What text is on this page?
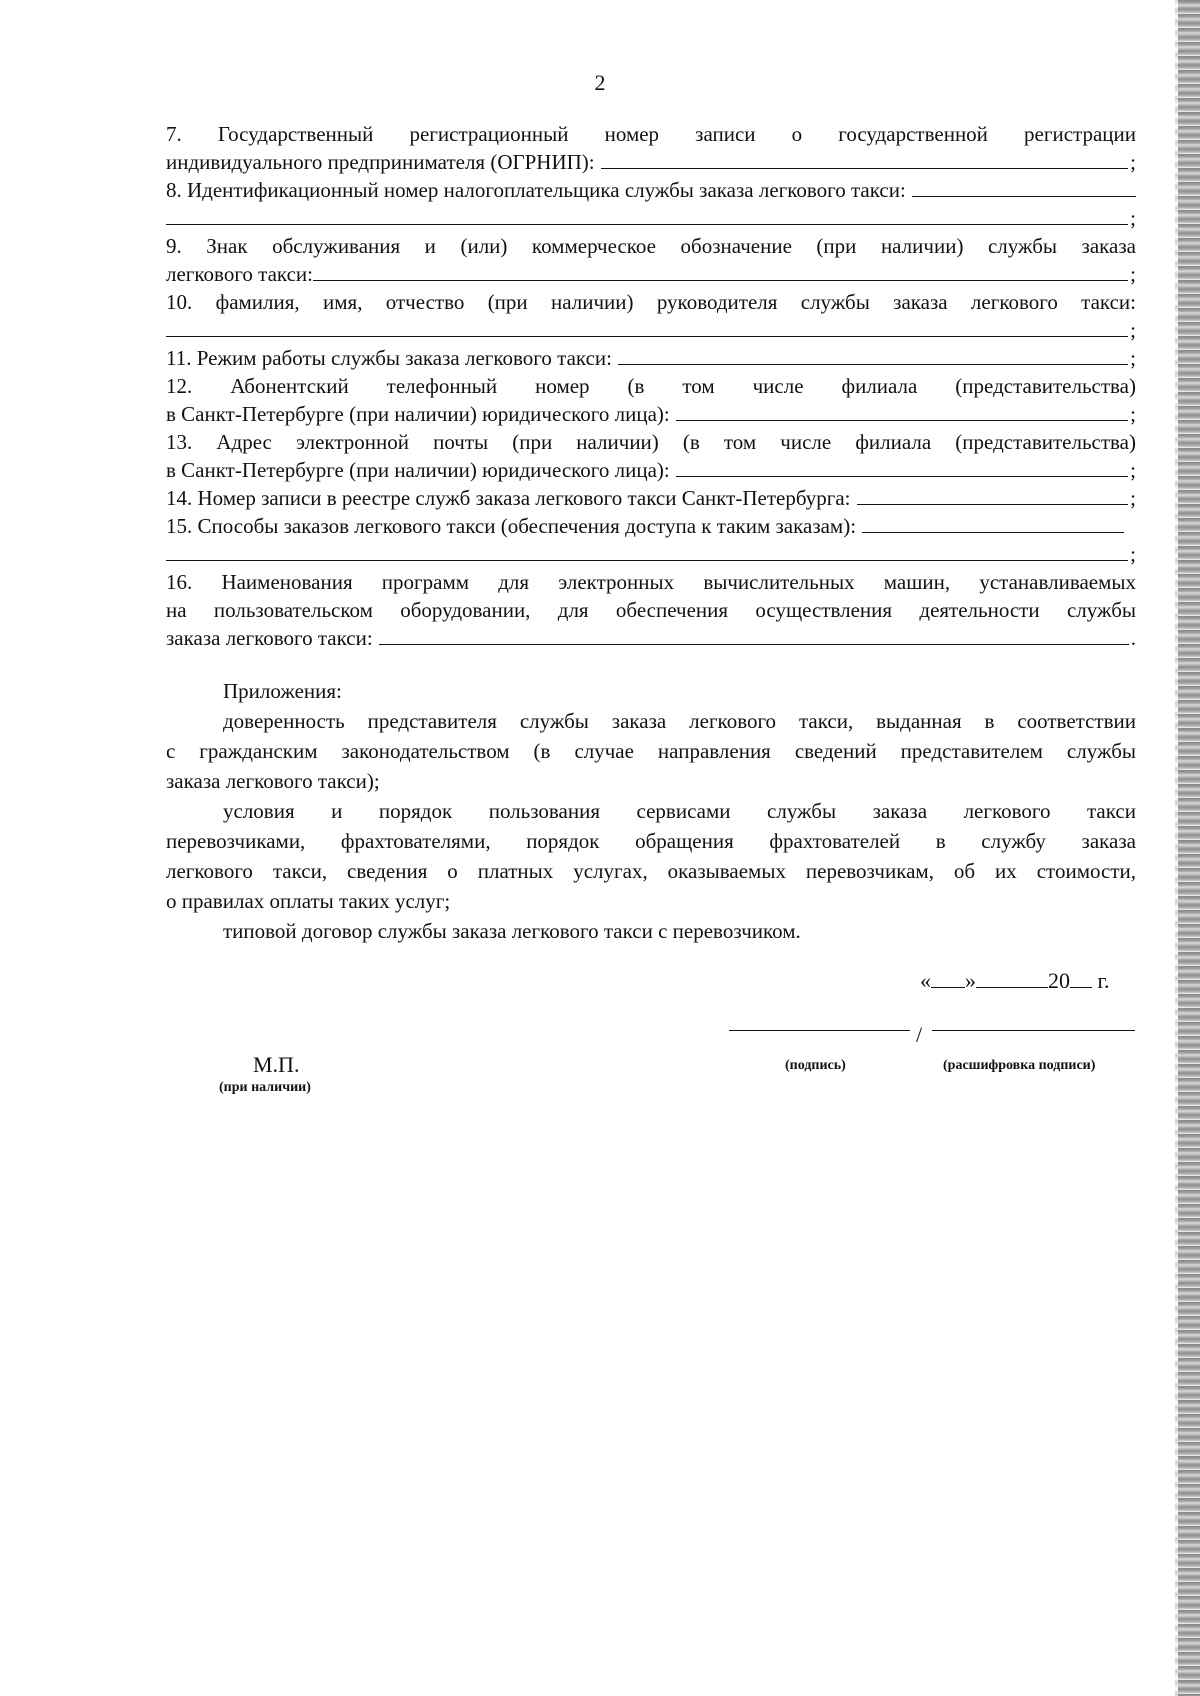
2
7. Государственный регистрационный номер записи о государственной регистрации
индивидуального предпринимателя (ОГРНИП):	;
8. Идентификационный номер налогоплательщика службы заказа легкового такси:
;
9. Знак обслуживания и (или) коммерческое обозначение (при наличии) службы заказа
легкового такси:	;
10. фамилия, имя, отчество (при наличии) руководителя службы заказа легкового такси:
;
11. Режим работы службы заказа легкового такси:	;
12. Абонентский телефонный номер (в том числе филиала (представительства)
в Санкт-Петербурге (при наличии) юридического лица):	;
13. Адрес электронной почты (при наличии) (в том числе филиала (представительства)
в Санкт-Петербурге (при наличии) юридического лица):	;
14. Номер записи в реестре служб заказа легкового такси Санкт-Петербурга:	;
15. Способы заказов легкового такси (обеспечения доступа к таким заказам):
;
16. Наименования программ для электронных вычислительных машин, устанавливаемых
на пользовательском оборудовании, для обеспечения осуществления деятельности службы
заказа легкового такси:	.
Приложения:
доверенность представителя службы заказа легкового такси, выданная в соответствии
с гражданским законодательством (в случае направления сведений представителем службы
заказа легкового такси);
условия и порядок пользования сервисами службы заказа легкового такси
перевозчиками, фрахтователями, порядок обращения фрахтователей в службу заказа
легкового такси, сведения о платных услугах, оказываемых перевозчикам, об их стоимости,
о правилах оплаты таких услуг;
типовой договор службы заказа легкового такси с перевозчиком.
« »	20 г.
/
(подпись)	(расшифровка подписи)
М.П.
(при наличии)
